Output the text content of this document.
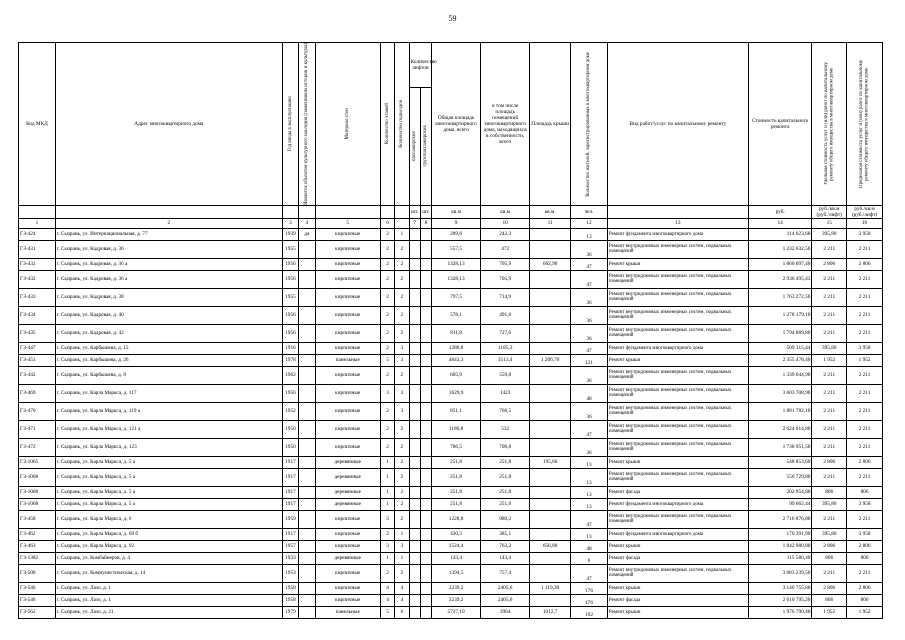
59
Код МКД	Адрес многоквартирного дома	Год ввода в эксплуатацию	Является объектом культурного наследия (памятником истории и культуры)	Материал стен	Количество этажей	Количество подъездов	Количество лифтов		Общая площадь многоквартирного дома, всего	в том числе площадь помещений многоквартирного дома, находящихся в собственности, всего	Площадь крыши	Количество жителей, зарегистрированных в многоквартирном доме	Вид работ/услуг по капитальному ремонту	Стоимость капитального ремонта	Удельная стоимость услуг и (или) работ по капитальному ремонту общего имущества в многоквартирном доме	Предельная стоимость услуг и (или) работ по капитальному ремонту общего имущества в многоквартирном доме

							пассажирских	грузопассажирских								

							шт.	шт.	кв.м	кв.м	кв.м.	чел.		руб.	руб./кв.м (руб./лифт)	руб./кв.м (руб./лифт)
1	2	3	4	5	6		7	8	9	10	11	12	13	14	15	16
ГЗ-424	г. Сызрань, ул. Интернациональная, д. 77	1939	да	кирпичные	2	1			289,6	242,3		13	Ремонт фундамента многоквартирного дома	114 623,68	395,80	3 958
ГЗ-431	г. Сызрань, ул. Кадровая, д. 36	1955		кирпичные	2	2			557,5	472		36	Ремонт внутридомовых инженерных систем, подвальных помещений	1 232 632,50	2 211	2 211
ГЗ-432	г. Сызрань, ул. Кадровая, д. 36 а	1956		кирпичные	2	2			1328,13	705,9	662,90	47	Ремонт крыши	1 860 097,40	2 806	2 806
ГЗ-432	г. Сызрань, ул. Кадровая, д. 36 а	1956		кирпичные	2	2			1328,13	705,9		47	Ремонт внутридомовых инженерных систем, подвальных помещений	2 936 495,43	2 211	2 211
ГЗ-433	г. Сызрань, ул. Кадровая, д. 38	1955		кирпичные	2	2			797,5	714,9		36	Ремонт внутридомовых инженерных систем, подвальных помещений	1 763 272,50	2 211	2 211
ГЗ-434	г. Сызрань, ул. Кадровая, д. 40	1956		кирпичные	2	2			578,1	491,6		36	Ремонт внутридомовых инженерных систем, подвальных помещений	1 278 179,10	2 211	2 211
ГЗ-435	г. Сызрань, ул. Кадровая, д. 42	1956		кирпичные	2	2			811,8	727,6		36	Ремонт внутридомовых инженерных систем, подвальных помещений	1 794 889,80	2 211	2 211
ГЗ-447	г. Сызрань, ул. Карбышева, д. 15	1916		кирпичные	2	3			1286,8	1185,3		47	Ремонт фундамента многоквартирного дома	509 315,44	395,80	3 958
ГЗ-453	г. Сызрань, ул. Карбышева, д. 26	1978		панельные	5	3			4843,3	3513,4	1 206,70	121	Ремонт крыши	2 355 478,40	1 952	1 952
ГЗ-442	г. Сызрань, ул. Карбышева, д. 8	1962		кирпичные	2	2			605,9	559,8		36	Ремонт внутридомовых инженерных систем, подвальных помещений	1 339 644,90	2 211	2 211
ГЗ-469	г. Сызрань, ул. Карла Маркса, д. 117	1956		кирпичные	3	3			1629,9	1423		48	Ремонт внутридомовых инженерных систем, подвальных помещений	3 603 708,90	2 211	2 211
ГЗ-470	г. Сызрань, ул. Карла Маркса, д. 119 а	1952		кирпичные	2	3			851,1	768,5		36	Ремонт внутридомовых инженерных систем, подвальных помещений	1 881 782,10	2 211	2 211
ГЗ-471	г. Сызрань, ул. Карла Маркса, д. 121 а	1950		кирпичные	2	2			1186,8	532		47	Ремонт внутридомовых инженерных систем, подвальных помещений	2 624 014,80	2 211	2 211
ГЗ-472	г. Сызрань, ул. Карла Маркса, д. 123	1950		кирпичные	2	2			786,5	706,8		36	Ремонт внутридомовых инженерных систем, подвальных помещений	1 738 951,50	2 211	2 211
ГЗ-1065	г. Сызрань, ул. Карла Маркса, д. 5 а	1917		деревянные	1	2			251,8	251,8	195,60	13	Ремонт крыши	548 853,60	2 806	2 806
ГЗ-1068	г. Сызрань, ул. Карла Маркса, д. 5 а	1917		деревянные	1	2			251,8	251,8		13	Ремонт внутридомовых инженерных систем, подвальных помещений	556 729,80	2 211	2 211
ГЗ-1068	г. Сызрань, ул. Карла Маркса, д. 5 а	1917		деревянные	1	2			251,8	251,8		13	Ремонт фасада	202 954,80	806	806
ГЗ-1068	г. Сызрань, ул. Карла Маркса, д. 5 а	1917		деревянные	1	2			251,8	251,8		13	Ремонт фундамента многоквартирного дома	99 662,44	395,80	3 958
ГЗ-458	г. Сызрань, ул. Карла Маркса, д. 6	1959		кирпичные	3	2			1228,8	980,2		47	Ремонт внутридомовых инженерных систем, подвальных помещений	2 716 876,80	2 211	2 211
ГЗ-462	г. Сызрань, ул. Карла Маркса, д. 69 б	1917		кирпичные	2	1			430,5	385,1		13	Ремонт фундамента многоквартирного дома	170 391,90	395,80	3 958
ГЗ-463	г. Сызрань, ул. Карла Маркса, д. 92	1957		кирпичные	3	3			1524,4	763,2	656,80	48	Ремонт крыши	1 842 980,80	2 806	2 806
ГЗ-1382	г. Сызрань, ул. Комбайнеров, д. 4	1933		деревянные	1	1			143,4	143,4		6	Ремонт фасада	115 580,40	806	806
ГЗ-500	г. Сызрань, ул. Коммунистическая, д. 14	1953		кирпичные	2	2			1394,5	757,4		47	Ремонт внутридомовых инженерных систем, подвальных помещений	3 083 239,50	2 211	2 211
ГЗ-546	г. Сызрань, ул. Лазо, д. 1	1958		кирпичные	4	4			3239,2	2405,6	1 119,30	176	Ремонт крыши	3 140 755,80	2 806	2 806
ГЗ-546	г. Сызрань, ул. Лазо, д. 1	1958		кирпичные	4	4			3239,2	2405,6		176	Ремонт фасада	2 610 795,20	806	806
ГЗ-562	г. Сызрань, ул. Лазо, д. 21	1979		панельные	5	6			5737,10	3964	1012,7	192	Ремонт крыши	1 976 790,40	1 952	1 952
